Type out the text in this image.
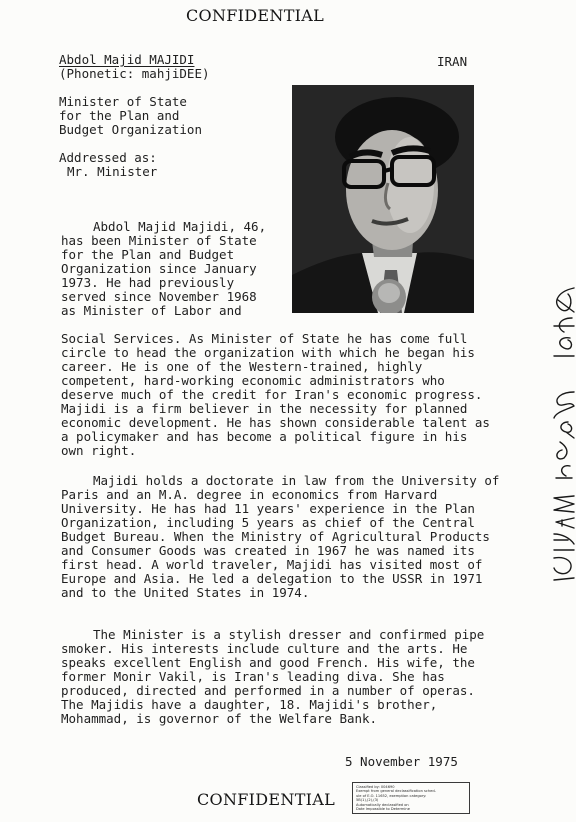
CONFIDENTIAL
Abdol Majid MAJIDI
(Phonetic: mahjiDEE)
IRAN
Minister of State
for the Plan and
Budget Organization
Addressed as:
Mr. Minister
Abdol Majid Majidi, 46, has been Minister of State for the Plan and Budget Organization since January 1973. He had previously served since November 1968 as Minister of Labor and
Social Services. As Minister of State he has come full circle to head the organization with which he began his career. He is one of the Western-trained, highly competent, hard-working economic administrators who deserve much of the credit for Iran's economic progress. Majidi is a firm believer in the necessity for planned economic development. He has shown considerable talent as a policymaker and has become a political figure in his own right.
Majidi holds a doctorate in law from the University of Paris and an M.A. degree in economics from Harvard University. He has had 11 years' experience in the Plan Organization, including 5 years as chief of the Central Budget Bureau. When the Ministry of Agricultural Products and Consumer Goods was created in 1967 he was named its first head. A world traveler, Majidi has visited most of Europe and Asia. He led a delegation to the USSR in 1971 and to the United States in 1974.
The Minister is a stylish dresser and confirmed pipe smoker. His interests include culture and the arts. He speaks excellent English and good French. His wife, the former Monir Vakil, is Iran's leading diva. She has produced, directed and performed in a number of operas. The Majidis have a daughter, 18. Majidi's brother, Mohammad, is governor of the Welfare Bank.
5 November 1975
CONFIDENTIAL
Classified by: 004690
Exempt from general declassification sched-
ule of E.O. 11652, exemption category:
5B(1),(2),(3)
Automatically declassified on
Date Impossible to Determine
